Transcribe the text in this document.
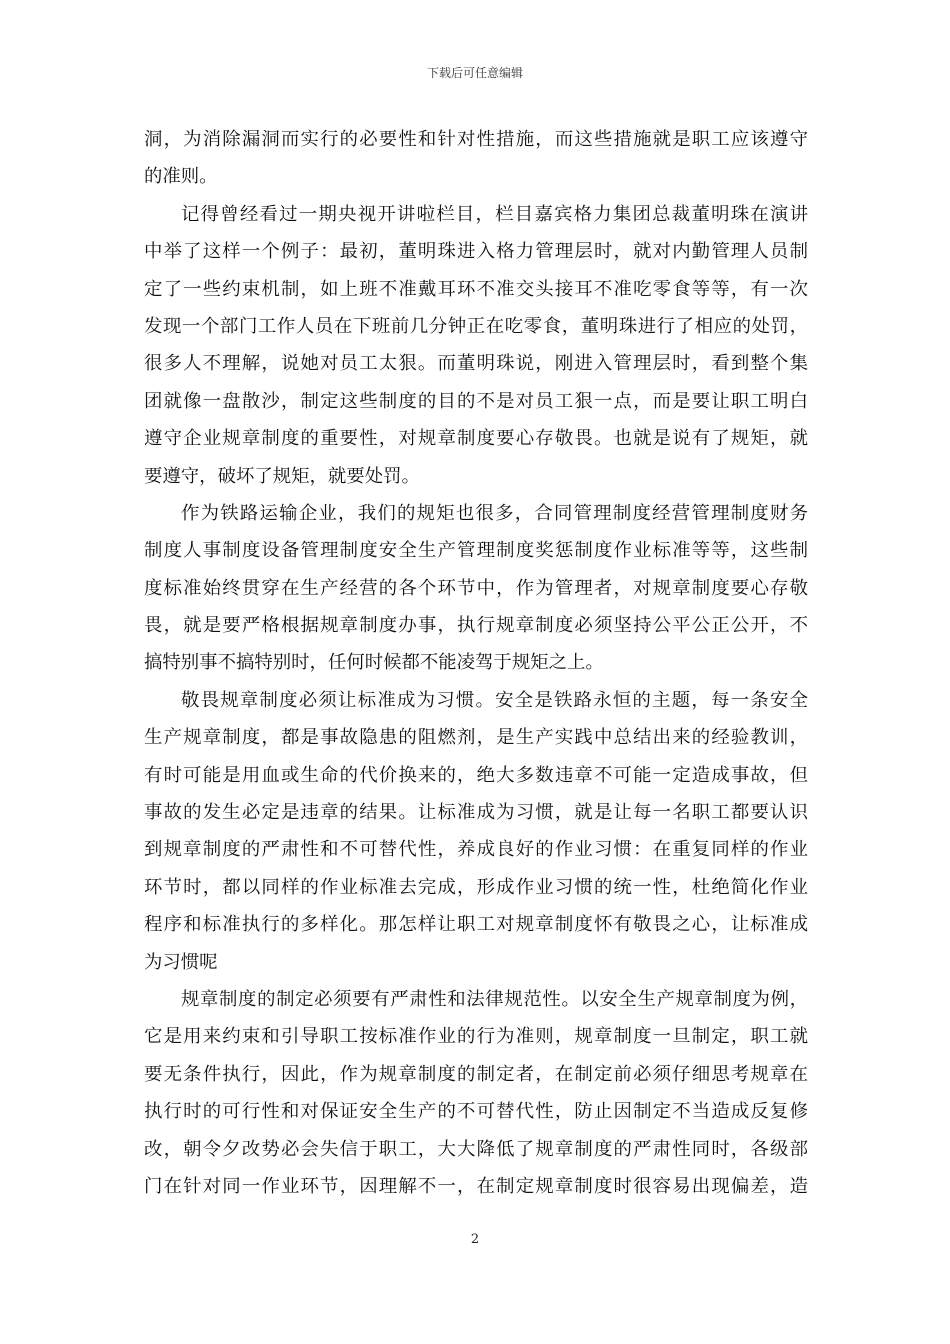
下载后可任意编辑
洞，为消除漏洞而实行的必要性和针对性措施，而这些措施就是职工应该遵守
的准则。
记得曾经看过一期央视开讲啦栏目，栏目嘉宾格力集团总裁董明珠在演讲
中举了这样一个例子：最初，董明珠进入格力管理层时，就对内勤管理人员制
定了一些约束机制，如上班不准戴耳环不准交头接耳不准吃零食等等，有一次
发现一个部门工作人员在下班前几分钟正在吃零食，董明珠进行了相应的处罚，
很多人不理解，说她对员工太狠。而董明珠说，刚进入管理层时，看到整个集
团就像一盘散沙，制定这些制度的目的不是对员工狠一点，而是要让职工明白
遵守企业规章制度的重要性，对规章制度要心存敬畏。也就是说有了规矩，就
要遵守，破坏了规矩，就要处罚。
作为铁路运输企业，我们的规矩也很多，合同管理制度经营管理制度财务
制度人事制度设备管理制度安全生产管理制度奖惩制度作业标准等等，这些制
度标准始终贯穿在生产经营的各个环节中，作为管理者，对规章制度要心存敬
畏，就是要严格根据规章制度办事，执行规章制度必须坚持公平公正公开，不
搞特别事不搞特别时，任何时候都不能凌驾于规矩之上。
敬畏规章制度必须让标准成为习惯。安全是铁路永恒的主题，每一条安全
生产规章制度，都是事故隐患的阻燃剂，是生产实践中总结出来的经验教训，
有时可能是用血或生命的代价换来的，绝大多数违章不可能一定造成事故，但
事故的发生必定是违章的结果。让标准成为习惯，就是让每一名职工都要认识
到规章制度的严肃性和不可替代性，养成良好的作业习惯：在重复同样的作业
环节时，都以同样的作业标准去完成，形成作业习惯的统一性，杜绝简化作业
程序和标准执行的多样化。那怎样让职工对规章制度怀有敬畏之心，让标准成
为习惯呢
规章制度的制定必须要有严肃性和法律规范性。以安全生产规章制度为例，
它是用来约束和引导职工按标准作业的行为准则，规章制度一旦制定，职工就
要无条件执行，因此，作为规章制度的制定者，在制定前必须仔细思考规章在
执行时的可行性和对保证安全生产的不可替代性，防止因制定不当造成反复修
改，朝令夕改势必会失信于职工，大大降低了规章制度的严肃性同时，各级部
门在针对同一作业环节，因理解不一，在制定规章制度时很容易出现偏差，造
2
